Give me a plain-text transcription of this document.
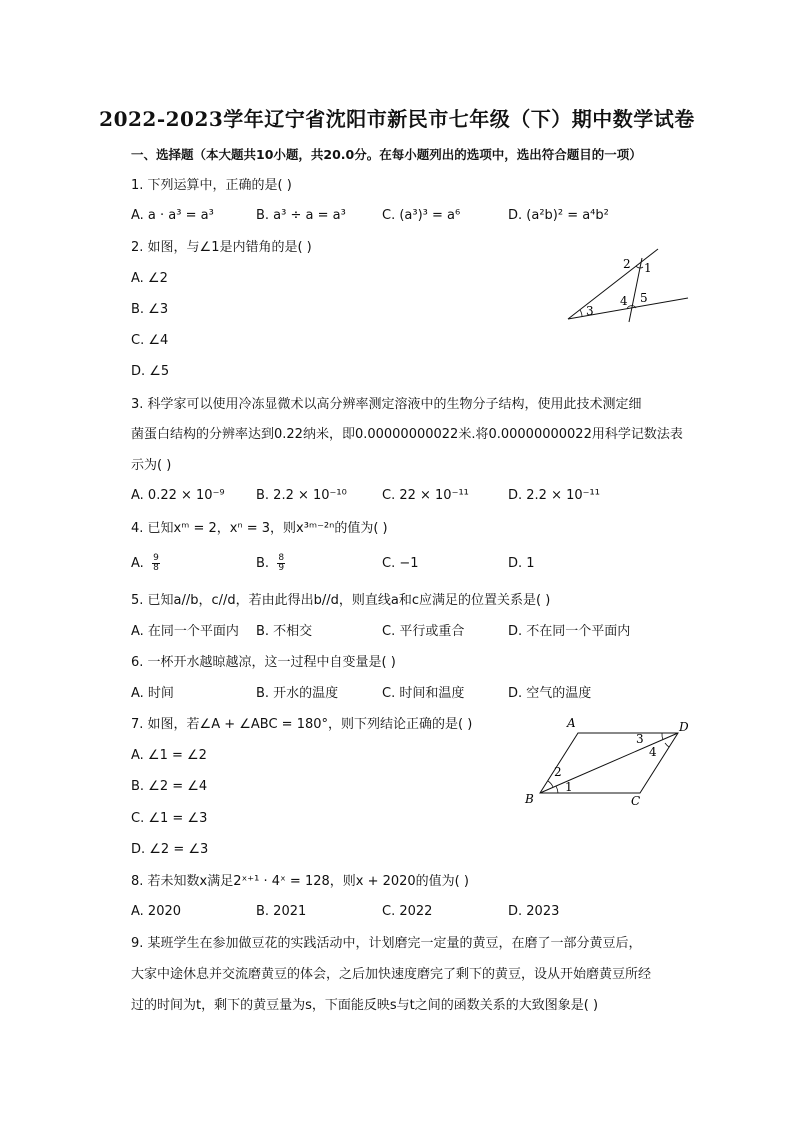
2022-2023学年辽宁省沈阳市新民市七年级（下）期中数学试卷
一、选择题（本大题共10小题，共20.0分。在每小题列出的选项中，选出符合题目的一项）
1. 下列运算中，正确的是( )
A. a · a³ = a³	B. a³ ÷ a = a³	C. (a³)³ = a⁶	D. (a²b)² = a⁴b²
2. 如图，与∠1是内错角的是( )
A. ∠2
B. ∠3
C. ∠4
D. ∠5
2 1
4 5
3
3. 科学家可以使用冷冻显微术以高分辨率测定溶液中的生物分子结构，使用此技术测定细
菌蛋白结构的分辨率达到0.22纳米，即0.00000000022米.将0.00000000022用科学记数法表
示为( )
A. 0.22 × 10⁻⁹ B. 2.2 × 10⁻¹⁰	C. 22 × 10⁻¹¹	D. 2.2 × 10⁻¹¹
4. 已知xᵐ = 2，xⁿ = 3，则x³ᵐ⁻²ⁿ的值为( )
A. $\frac{9}{8}$	B. $\frac{8}{9}$	C. −1	D. 1
5. 已知a//b，c//d，若由此得出b//d，则直线a和c应满足的位置关系是( )
A. 在同一个平面内 B. 不相交	C. 平行或重合	D. 不在同一个平面内
6. 一杯开水越晾越凉，这一过程中自变量是( )
A. 时间	B. 开水的温度	C. 时间和温度	D. 空气的温度
7. 如图，若∠A + ∠ABC = 180°，则下列结论正确的是( )
A. ∠1 = ∠2
B. ∠2 = ∠4
C. ∠1 = ∠3
D. ∠2 = ∠3
A	D
B	C
1
2
3
4
8. 若未知数x满足2ˣ⁺¹ · 4ˣ = 128，则x + 2020的值为( )
A. 2020	B. 2021	C. 2022	D. 2023
9. 某班学生在参加做豆花的实践活动中，计划磨完一定量的黄豆，在磨了一部分黄豆后，
大家中途休息并交流磨黄豆的体会，之后加快速度磨完了剩下的黄豆，设从开始磨黄豆所经
过的时间为t，剩下的黄豆量为s，下面能反映s与t之间的函数关系的大致图象是( )
